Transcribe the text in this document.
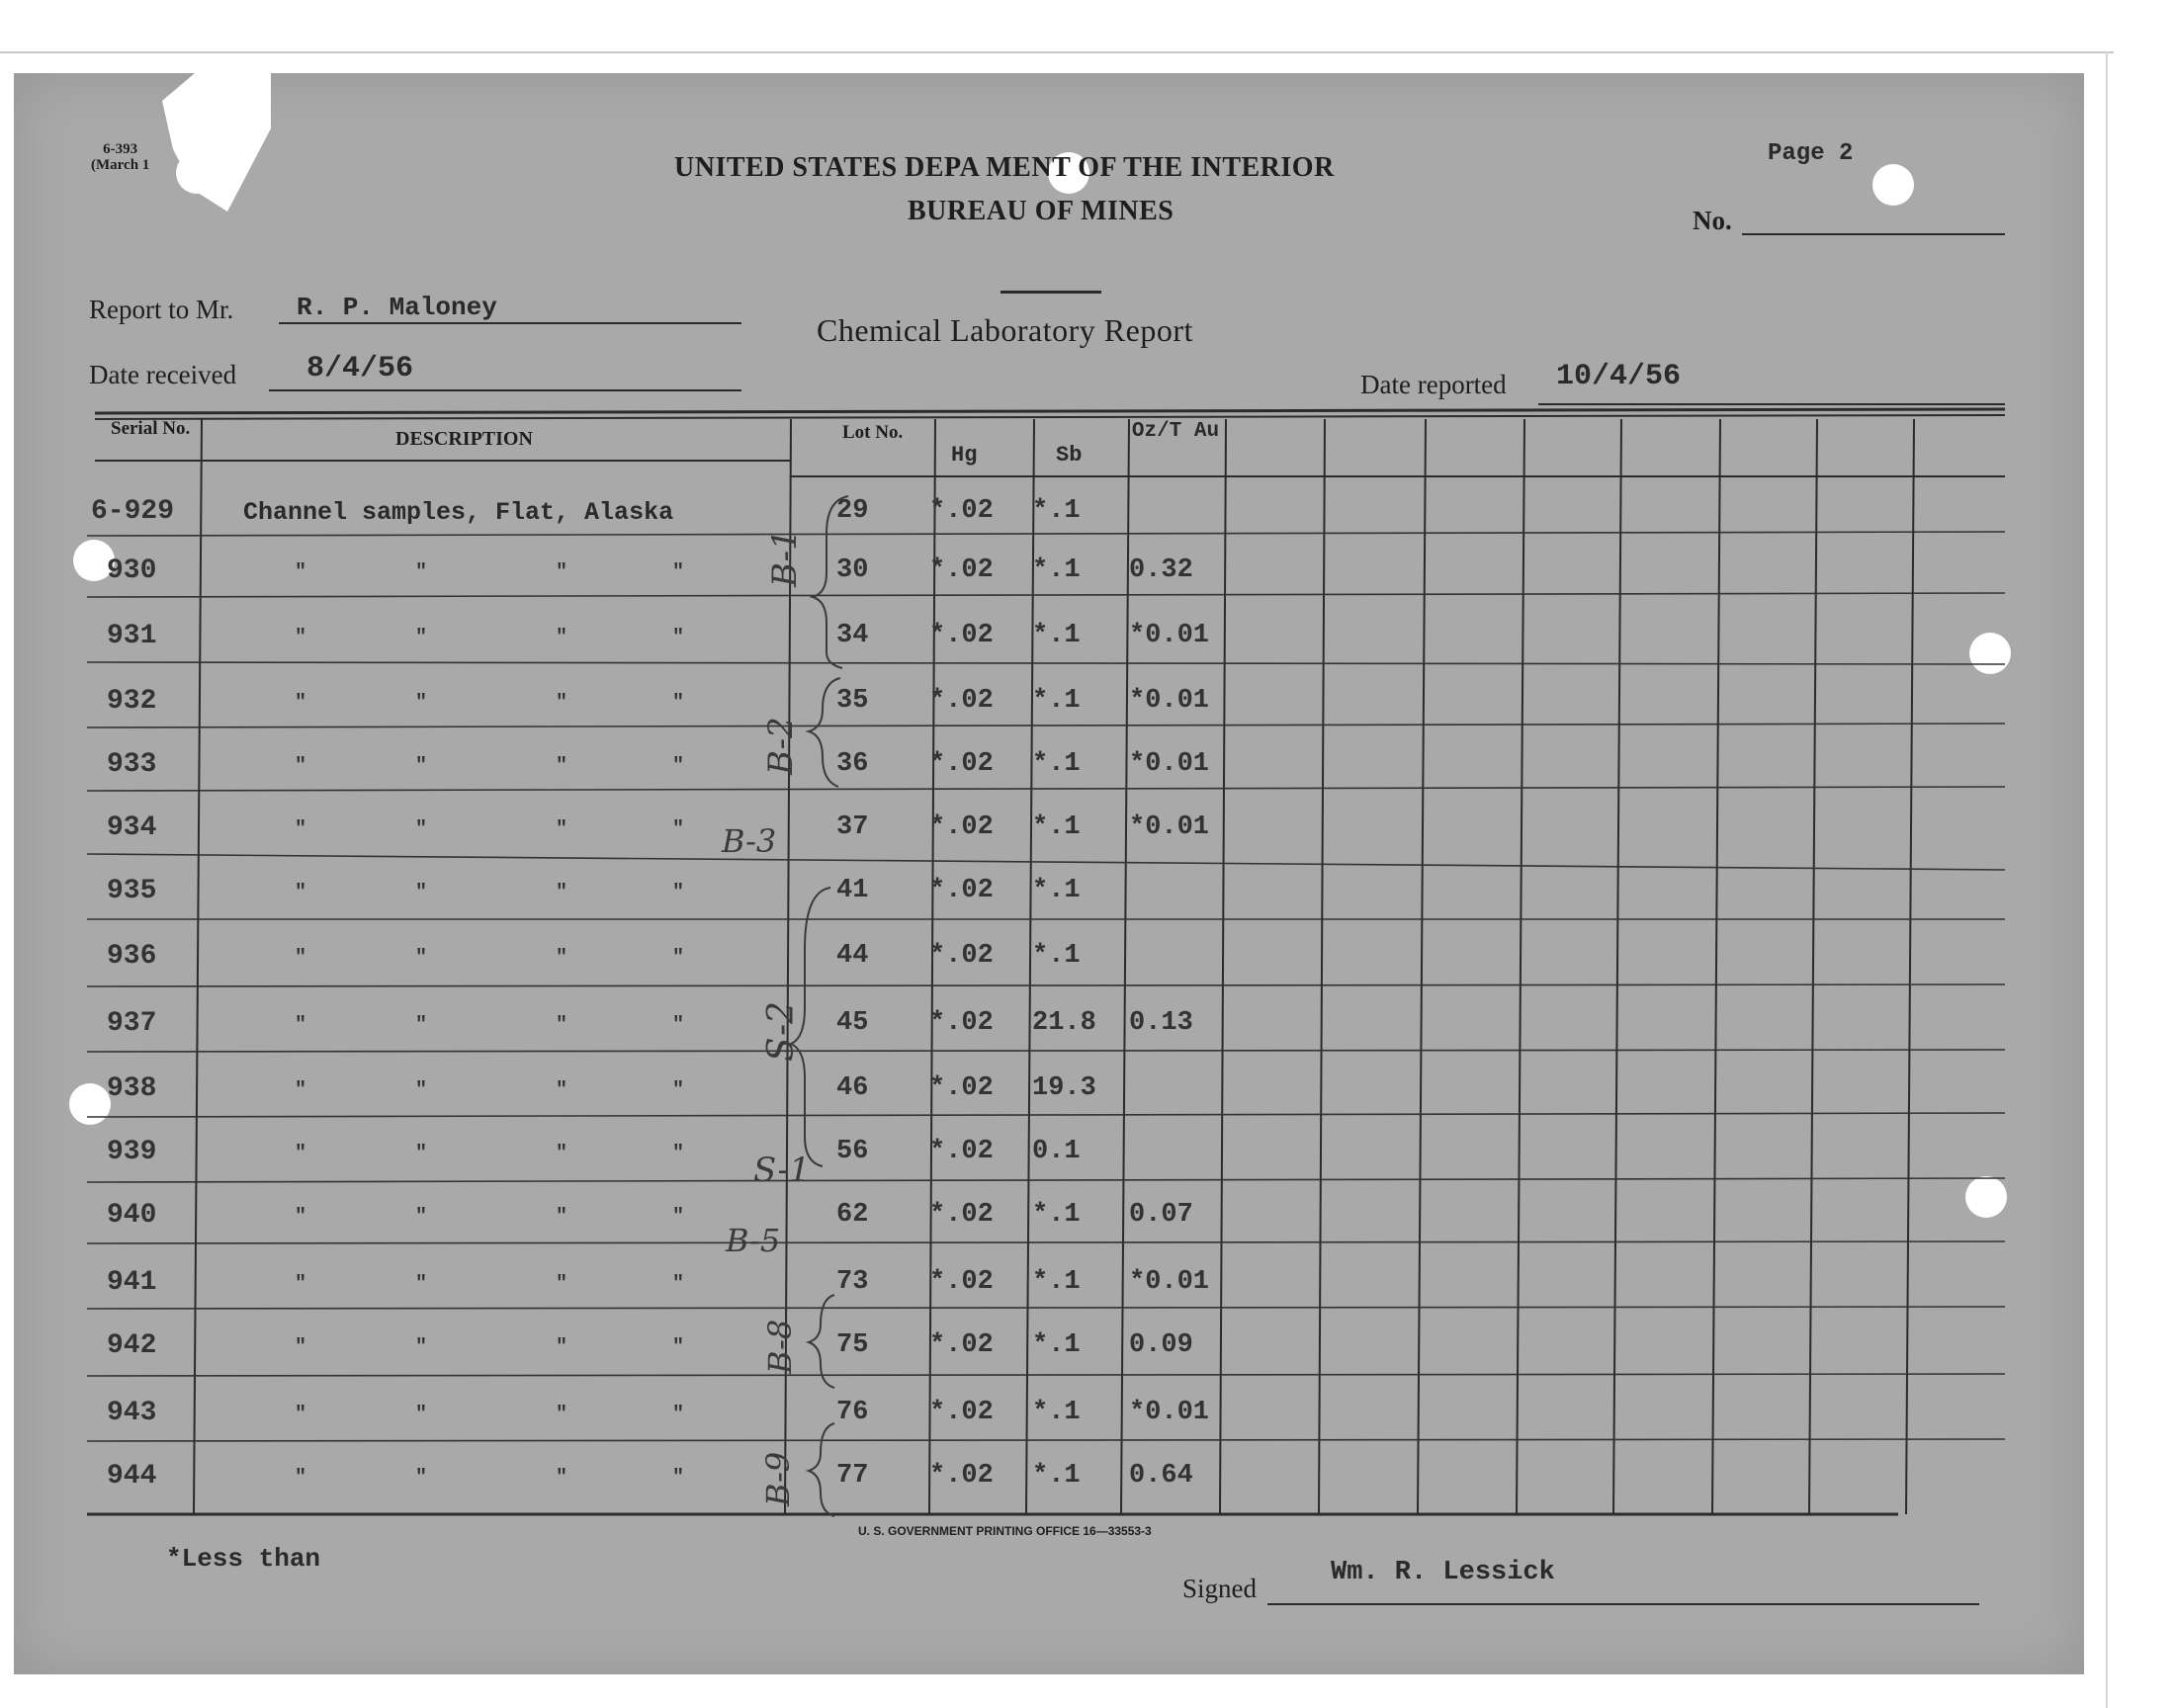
6-393
(March 1	UNITED STATES DEPA MENT OF THE INTERIOR
BUREAU OF MINES
Page 2
No.
Report to Mr. R. P. Maloney
Date received 8/4/56
Chemical Laboratory Report
Date reported 10/4/56
Serial No.	DESCRIPTION	Lot No.
Hg	Sb
Oz/T Au
6-929	Channel samples, Flat, Alaska	29 *.02 *.1
930	"	"	"	"	30 *.02 *.1 0.32
931	"	"	"	"	34 *.02 *.1 *0.01
932	"	"	"	"	35 *.02 *.1 *0.01
933	"	"	"	"	36 *.02 *.1 *0.01
934	"	"	"	"	37 *.02 *.1 *0.01
935	"	"	"	"	41 *.02 *.1
936	"	"	"	"	44 *.02 *.1
937	"	"	"	"	45 *.02 21.8 0.13
938	"	"	"	"	46 *.02 19.3
939	"	"	"	"	56 *.02 0.1
940	"	"	"	"	62 *.02 *.1 0.07
941	"	"	"	"	73 *.02 *.1 *0.01
942	"	"	"	"	75 *.02 *.1 0.09
943	"	"	"	"	76 *.02 *.1 *0.01
944	"	"	"	"	77 *.02 *.1 0.64
B-1
B-2
B-3
S-2
S-1
B-5
B-8
B-9
U. S. GOVERNMENT PRINTING OFFICE 16—33553-3
*Less than
Signed
Wm. R. Lessick
